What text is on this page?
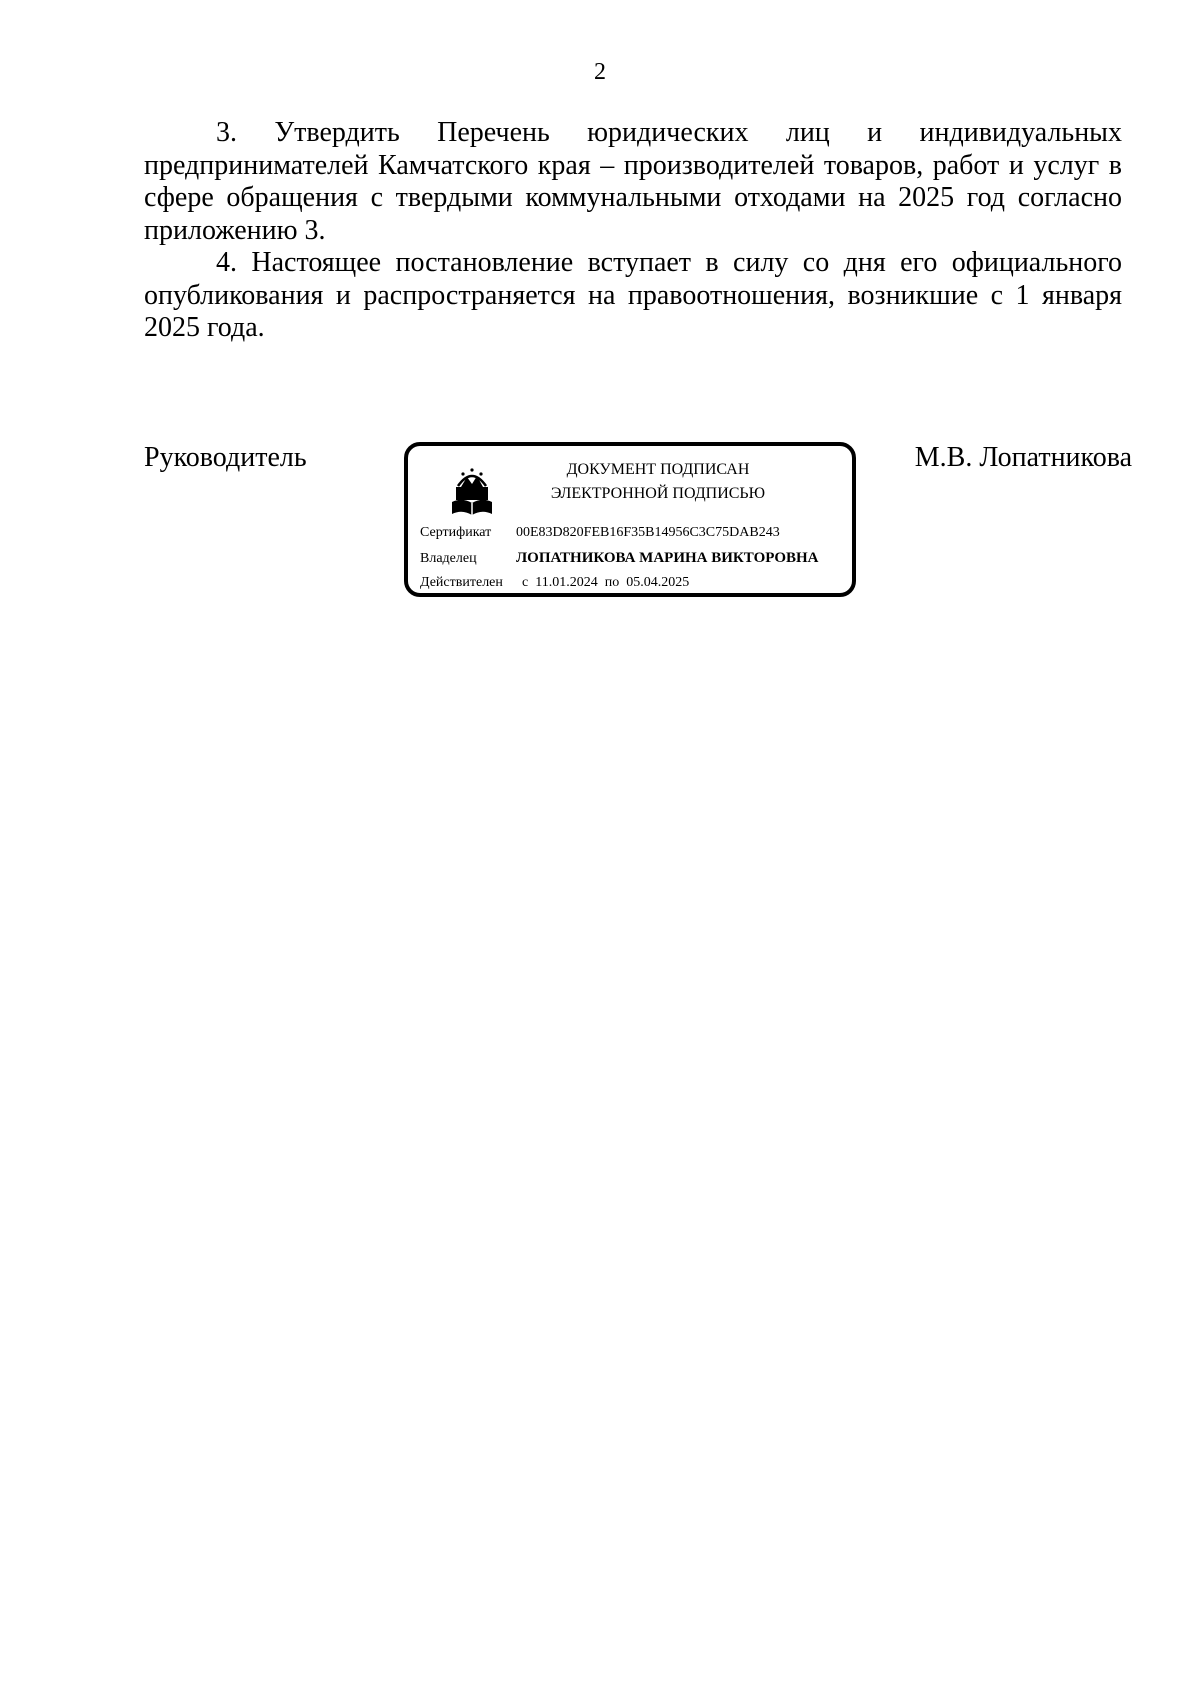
2

3. Утвердить Перечень юридических лиц и индивидуальных предпринимателей Камчатского края – производителей товаров, работ и услуг в сфере обращения с твердыми коммунальными отходами на 2025 год согласно приложению 3.

4. Настоящее постановление вступает в силу со дня его официального опубликования и распространяется на правоотношения, возникшие с 1 января 2025 года.

Руководитель	ДОКУМЕНТ ПОДПИСАН
ЭЛЕКТРОННОЙ ПОДПИСЬЮ
Сертификат 00E83D820FEB16F35B14956C3C75DAB243
Владелец	ЛОПАТНИКОВА МАРИНА ВИКТОРОВНА
Действителен с 11.01.2024 по 05.04.2025
М.В. Лопатникова
